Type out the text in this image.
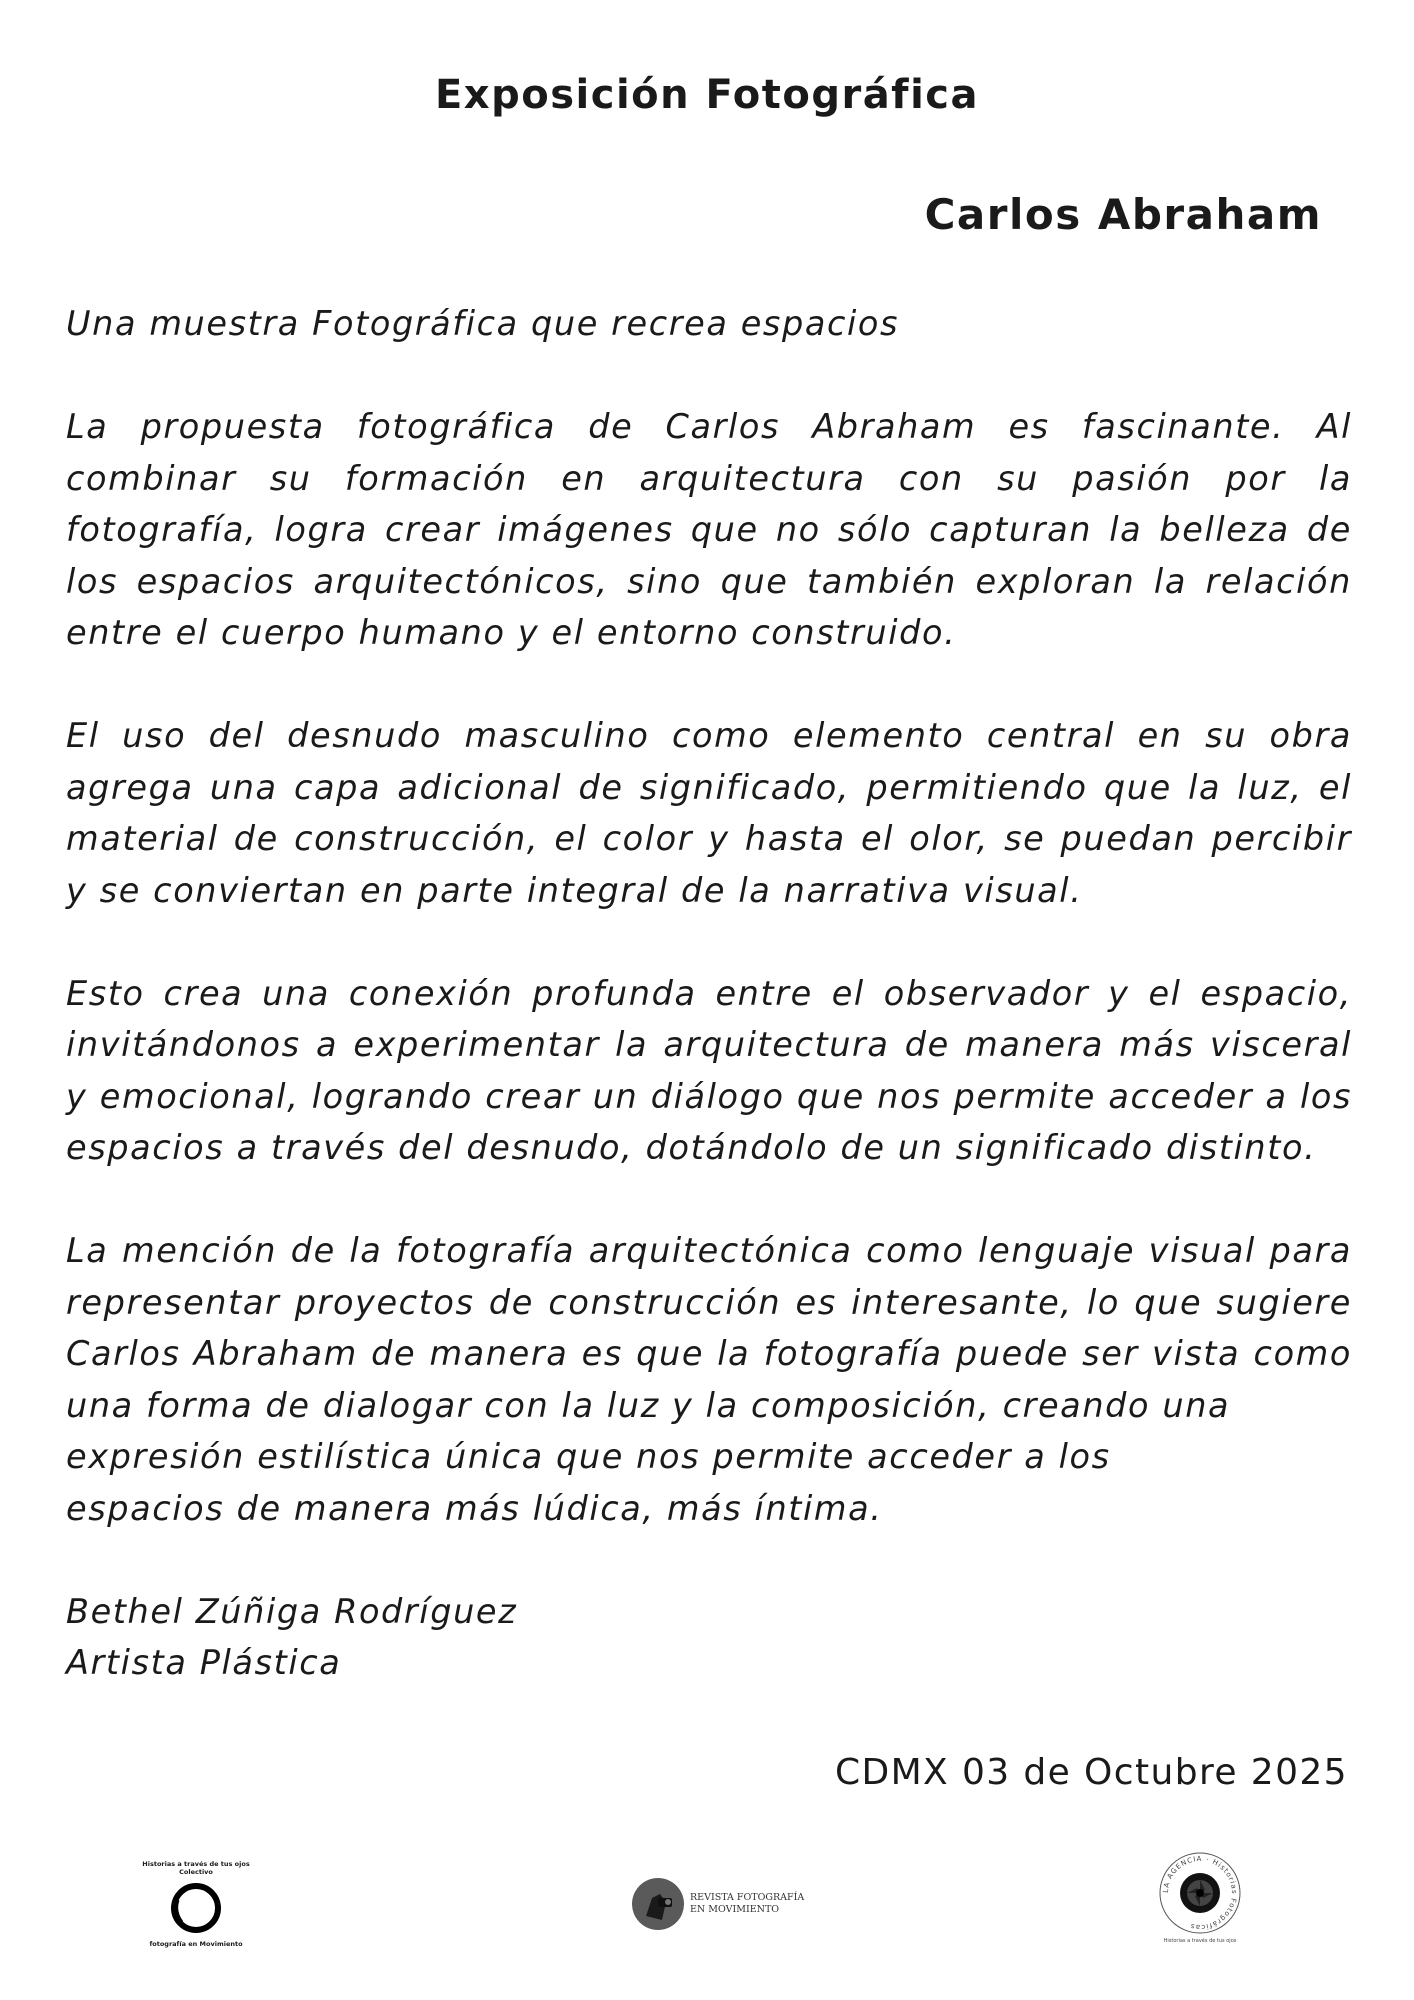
Exposición Fotográfica
Carlos Abraham

Una muestra Fotográfica que recrea espacios

La propuesta fotográfica de Carlos Abraham es fascinante. Al combinar su formación en arquitectura con su pasión por la fotografía, logra crear imágenes que no sólo capturan la belleza de los espacios arquitectónicos, sino que también exploran la relación entre el cuerpo humano y el entorno construido.

El uso del desnudo masculino como elemento central en su obra agrega una capa adicional de significado, permitiendo que la luz, el material de construcción, el color y hasta el olor, se puedan percibir y se conviertan en parte integral de la narrativa visual.

Esto crea una conexión profunda entre el observador y el espacio, invitándonos a experimentar la arquitectura de manera más visceral y emocional, logrando crear un diálogo que nos permite acceder a los espacios a través del desnudo, dotándolo de un significado distinto.

La mención de la fotografía arquitectónica como lenguaje visual para representar proyectos de construcción es interesante, lo que sugiere Carlos Abraham de manera es que la fotografía puede ser vista como una forma de dialogar con la luz y la composición, creando una
expresión estilística única que nos permite acceder a los
espacios de manera más lúdica, más íntima.

Bethel Zúñiga Rodríguez
Artista Plástica
CDMX 03 de Octubre 2025
Historias a través de tus ojos Colectivo
fotografía en Movimiento
REVISTA FOTOGRAFÍA
EN MOVIMIENTO
LA AGENCIA · Historias Fotográficas
Historias a través de tus ojos
